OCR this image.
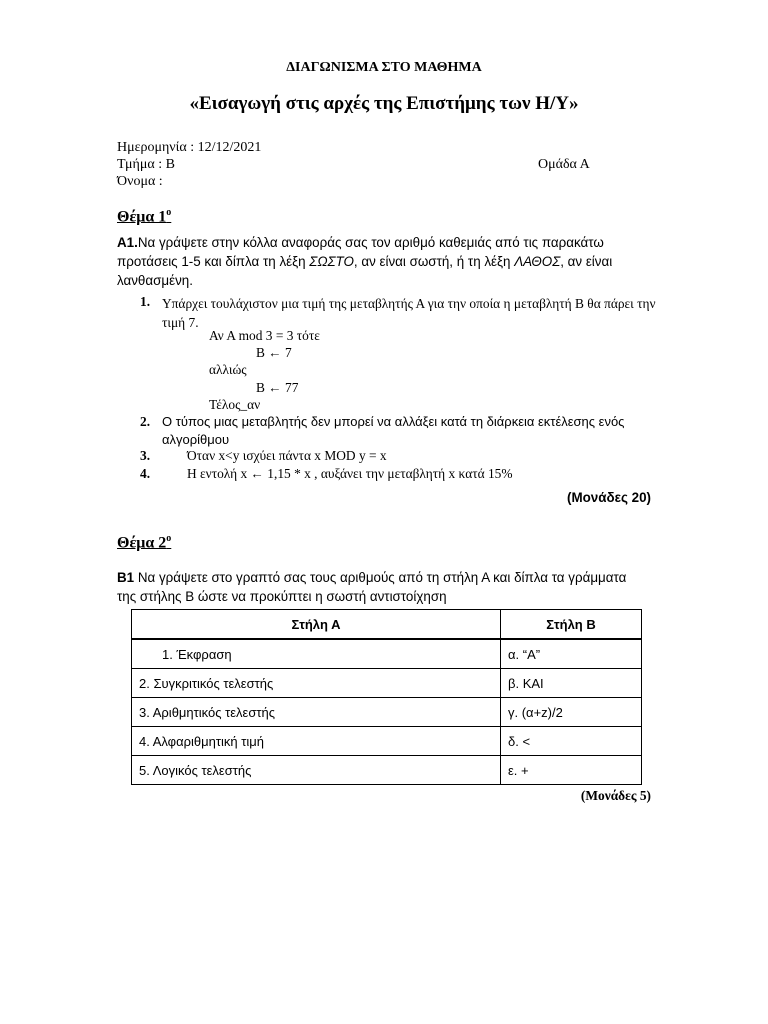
ΔΙΑΓΩΝΙΣΜΑ ΣΤΟ ΜΑΘΗΜΑ
«Εισαγωγή στις αρχές της Επιστήμης των Η/Υ»
Ημερομηνία : 12/12/2021
Τμήμα : Β	Ομάδα Α
Όνομα :
Θέμα $1^o$
Α1.Να γράψετε στην κόλλα αναφοράς σας τον αριθμό καθεμιάς από τις παρακάτω προτάσεις 1-5 και δίπλα τη λέξη ΣΩΣΤΟ, αν είναι σωστή, ή τη λέξη ΛΑΘΟΣ, αν είναι λανθασμένη.
1. Υπάρχει τουλάχιστον μια τιμή της μεταβλητής Α για την οποία η μεταβλητή Β θα πάρει την τιμή 7.
Αν Α mod 3 = 3 τότε
Β ← 7
αλλιώς
Β ← 77
Τέλος_αν
2. Ο τύπος μιας μεταβλητής δεν μπορεί να αλλάξει κατά τη διάρκεια εκτέλεσης ενός αλγορίθμου
3.	Όταν x<y ισχύει πάντα x MOD y = x
4.	Η εντολή x ← 1,15 * x , αυξάνει την μεταβλητή x κατά 15%
(Μονάδες 20)
Θέμα $2^o$
Β1 Να γράψετε στο γραπτό σας τους αριθμούς από τη στήλη Α και δίπλα τα γράμματα της στήλης Β ώστε να προκύπτει η σωστή αντιστοίχηση
Στήλη Α	Στήλη Β
1. Έκφραση	α. “Α”
2. Συγκριτικός τελεστής	β. ΚΑΙ
3. Αριθμητικός τελεστής	γ. (α+z)/2
4. Αλφαριθμητική τιμή	δ. <
5. Λογικός τελεστής	ε. +
(Μονάδες 5)
